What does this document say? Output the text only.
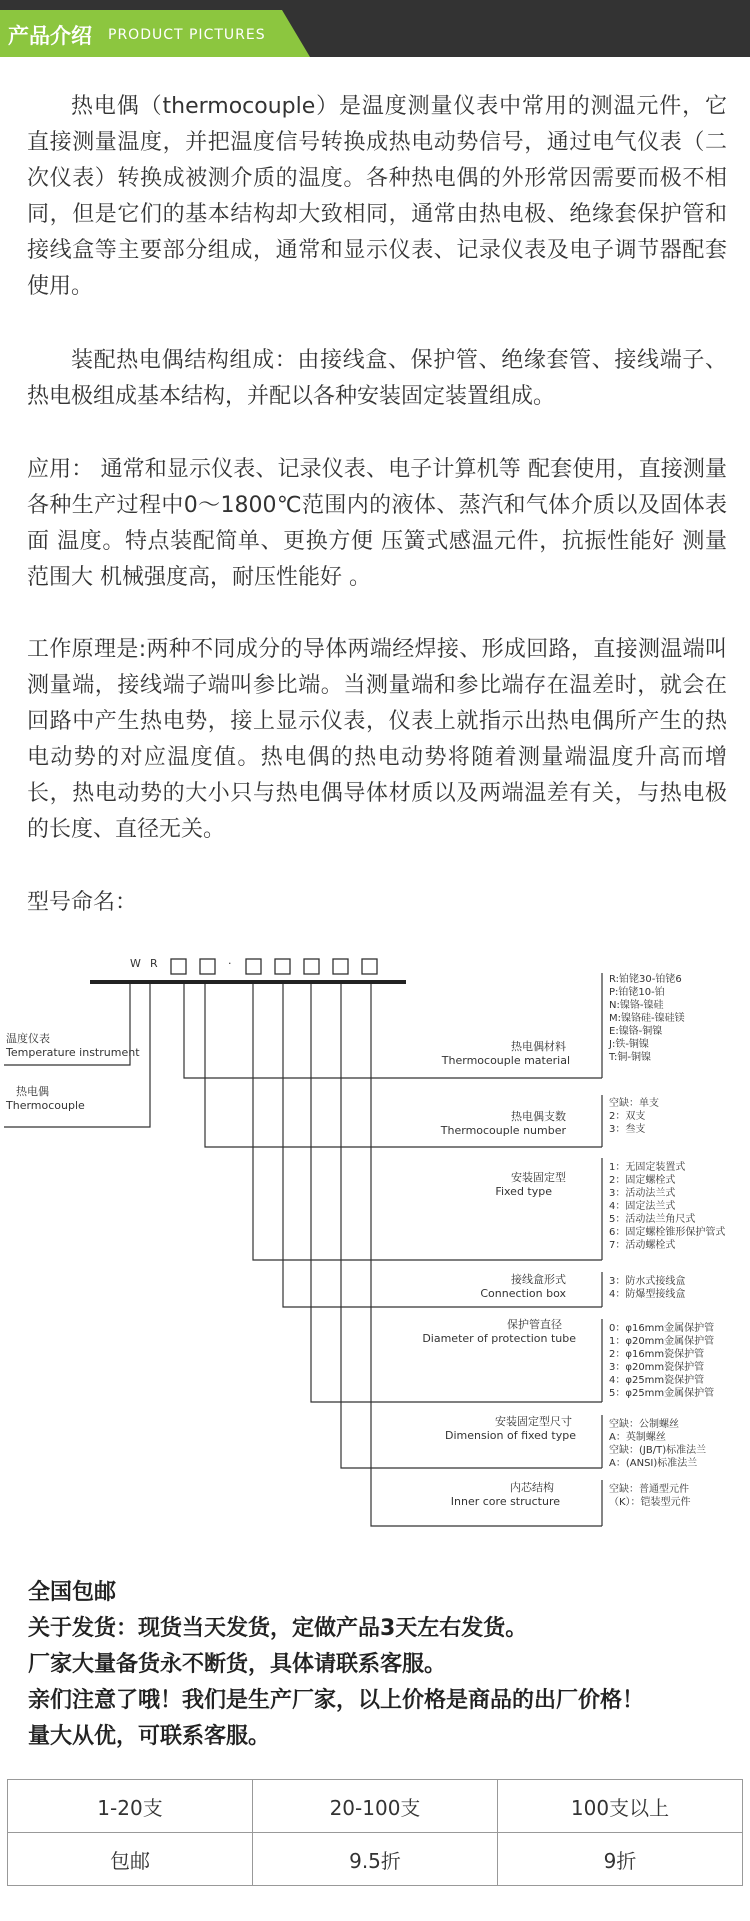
产品介绍 PRODUCT PICTURES

热电偶（thermocouple）是温度测量仪表中常用的测温元件，它直接测量温度，并把温度信号转换成热电动势信号，通过电气仪表（二次仪表）转换成被测介质的温度。各种热电偶的外形常因需要而极不相同，但是它们的基本结构却大致相同，通常由热电极、绝缘套保护管和接线盒等主要部分组成，通常和显示仪表、记录仪表及电子调节器配套使用。

装配热电偶结构组成：由接线盒、保护管、绝缘套管、接线端子、热电极组成基本结构，并配以各种安装固定装置组成。

应用： 通常和显示仪表、记录仪表、电子计算机等 配套使用，直接测量各种生产过程中0～1800℃范围内的液体、蒸汽和气体介质以及固体表面 温度。特点装配简单、更换方便 压簧式感温元件，抗振性能好 测量范围大 机械强度高，耐压性能好 。

工作原理是:两种不同成分的导体两端经焊接、形成回路，直接测温端叫测量端，接线端子端叫参比端。当测量端和参比端存在温差时，就会在回路中产生热电势，接上显示仪表，仪表上就指示出热电偶所产生的热电动势的对应温度值。热电偶的热电动势将随着测量端温度升高而增长，热电动势的大小只与热电偶导体材质以及两端温差有关，与热电极的长度、直径无关。

型号命名：

W R	·
温度仪表
Temperature instrument
热电偶
Thermocouple
热电偶材料
Thermocouple material
热电偶支数
Thermocouple number
安装固定型
Fixed type
接线盒形式
Connection box
保护管直径
Diameter of protection tube
安装固定型尺寸
Dimension of fixed type
内芯结构
Inner core structure
R:铂铑30-铂铑6
P:铂铑10-铂
N:镍铬-镍硅
M:镍铬硅-镍硅镁
E:镍铬-铜镍
J:铁-铜镍
T:铜-铜镍
空缺：单支
2：双支
3：叁支
1：无固定装置式
2：固定螺栓式
3：活动法兰式
4：固定法兰式
5：活动法兰角尺式
6：固定螺栓锥形保护管式
7：活动螺栓式
3：防水式接线盒
4：防爆型接线盒
0：φ16mm金属保护管
1：φ20mm金属保护管
2：φ16mm瓷保护管
3：φ20mm瓷保护管
4：φ25mm瓷保护管
5：φ25mm金属保护管
空缺：公制螺丝
A：英制螺丝
空缺：(JB/T)标准法兰
A：(ANSI)标准法兰
空缺：普通型元件
（K）：铠装型元件

全国包邮

关于发货：现货当天发货，定做产品3天左右发货。

厂家大量备货永不断货，具体请联系客服。

亲们注意了哦！我们是生产厂家，以上价格是商品的出厂价格！

量大从优，可联系客服。

1-20支	20-100支	100支以上
包邮	9.5折	9折
